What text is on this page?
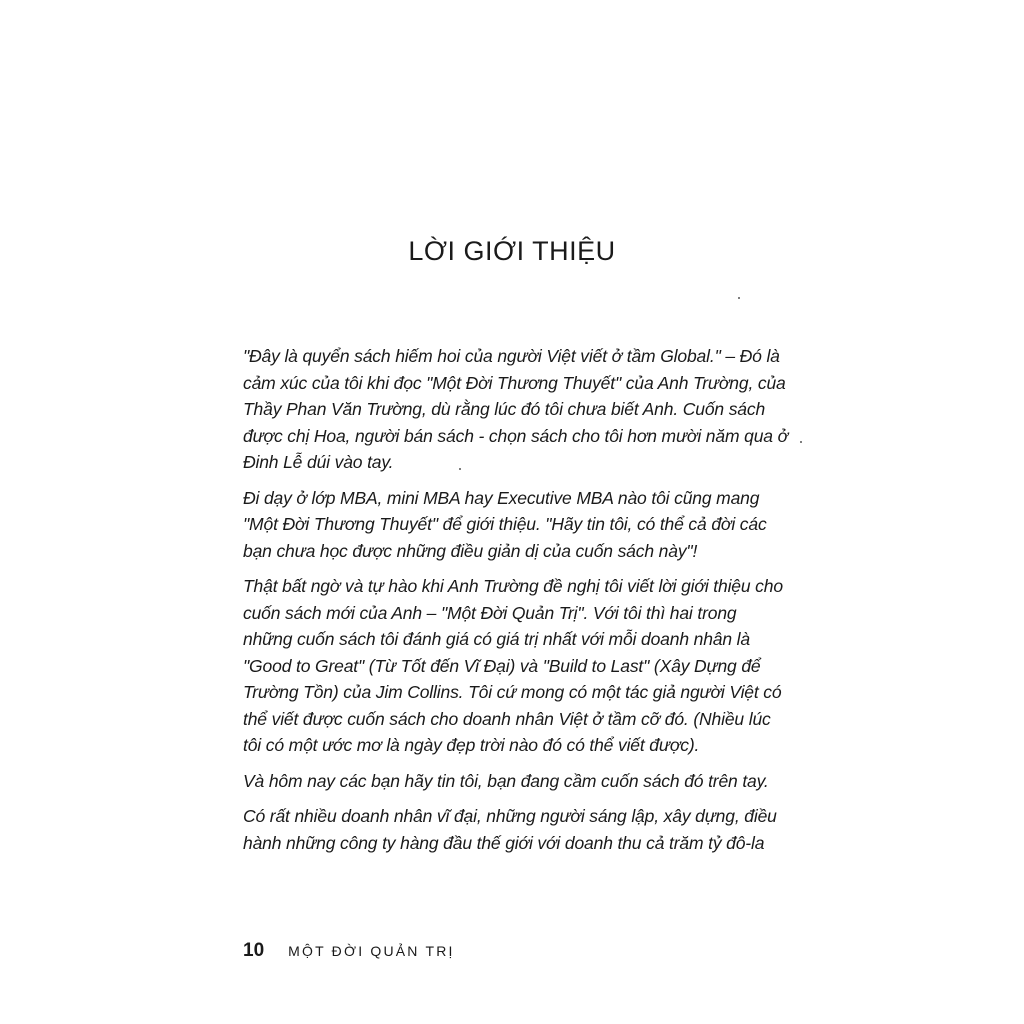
LỜI GIỚI THIỆU

"Đây là quyển sách hiếm hoi của người Việt viết ở tầm Global." – Đó là cảm xúc của tôi khi đọc "Một Đời Thương Thuyết" của Anh Trường, của Thầy Phan Văn Trường, dù rằng lúc đó tôi chưa biết Anh. Cuốn sách được chị Hoa, người bán sách - chọn sách cho tôi hơn mười năm qua ở Đinh Lễ dúi vào tay.

Đi dạy ở lớp MBA, mini MBA hay Executive MBA nào tôi cũng mang "Một Đời Thương Thuyết" để giới thiệu. "Hãy tin tôi, có thể cả đời các bạn chưa học được những điều giản dị của cuốn sách này"!

Thật bất ngờ và tự hào khi Anh Trường đề nghị tôi viết lời giới thiệu cho cuốn sách mới của Anh – "Một Đời Quản Trị". Với tôi thì hai trong những cuốn sách tôi đánh giá có giá trị nhất với mỗi doanh nhân là "Good to Great" (Từ Tốt đến Vĩ Đại) và "Build to Last" (Xây Dựng để Trường Tồn) của Jim Collins. Tôi cứ mong có một tác giả người Việt có thể viết được cuốn sách cho doanh nhân Việt ở tầm cỡ đó. (Nhiều lúc tôi có một ước mơ là ngày đẹp trời nào đó có thể viết được).

Và hôm nay các bạn hãy tin tôi, bạn đang cầm cuốn sách đó trên tay.

Có rất nhiều doanh nhân vĩ đại, những người sáng lập, xây dựng, điều hành những công ty hàng đầu thế giới với doanh thu cả trăm tỷ đô-la

10 MỘT ĐỜI QUẢN TRỊ
